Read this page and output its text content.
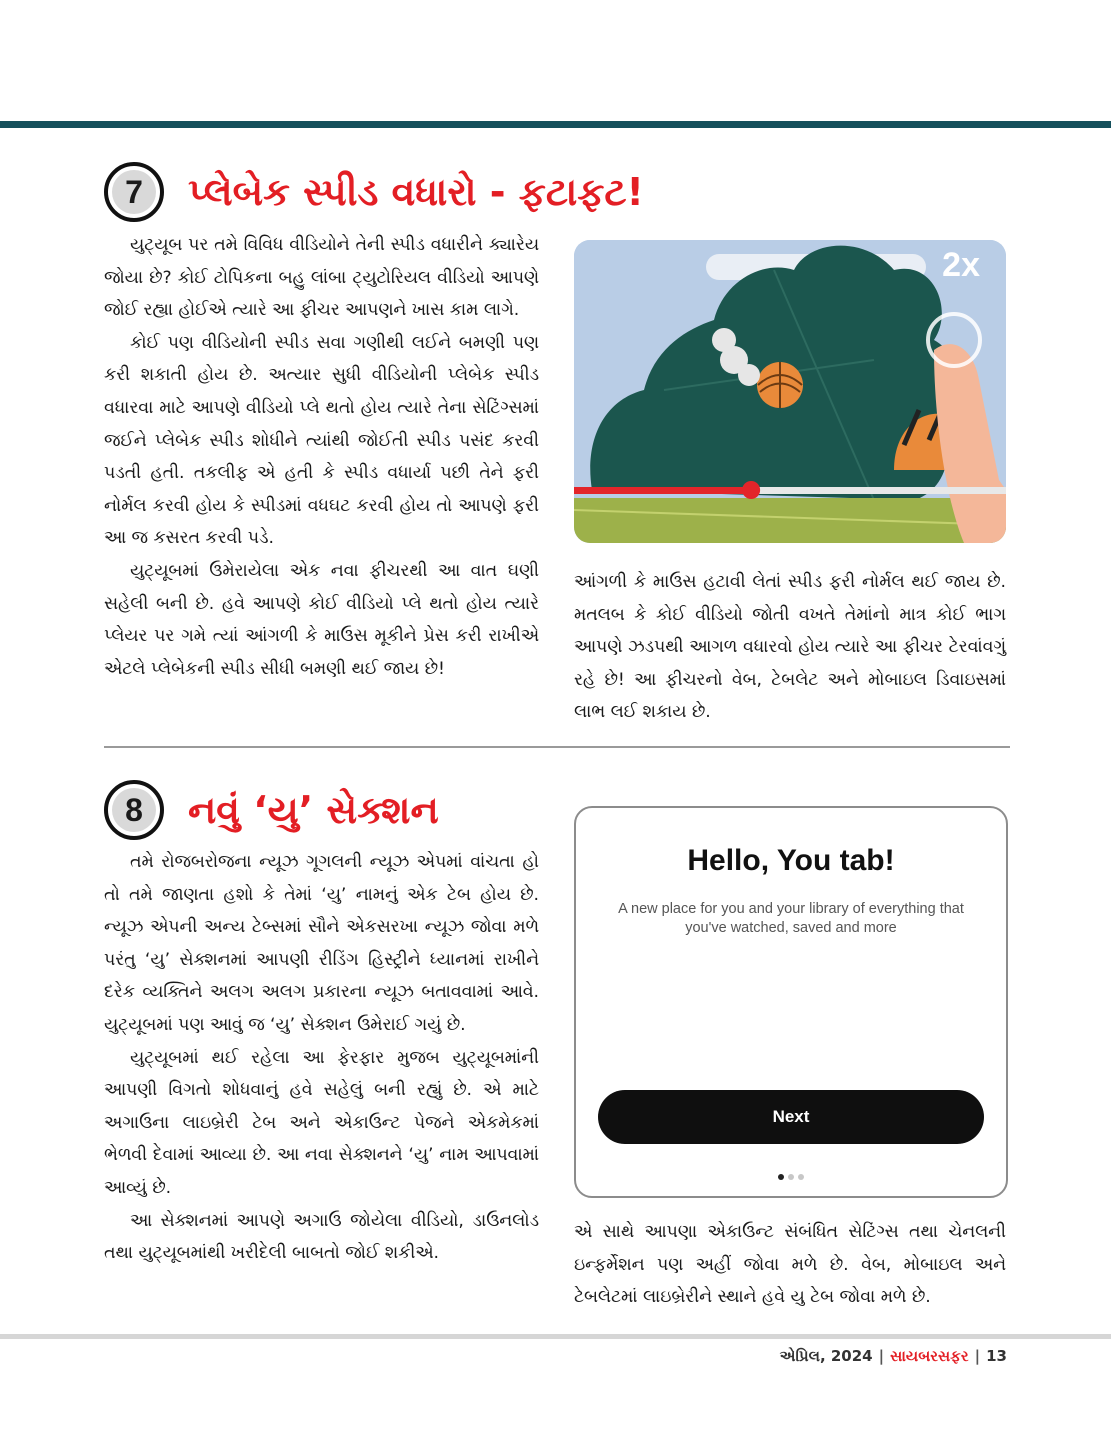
7 પ્લેબેક સ્પીડ વધારો - ફટાફટ!

યુટ્યૂબ પર તમે વિવિધ વીડિયોને તેની સ્પીડ વધારીને ક્યારેય જોયા છે? કોઈ ટોપિકના બહુ લાંબા ટ્યુટોરિયલ વીડિયો આપણે જોઈ રહ્યા હોઈએ ત્યારે આ ફીચર આપણને ખાસ કામ લાગે.

કોઈ પણ વીડિયોની સ્પીડ સવા ગણીથી લઈને બમણી પણ કરી શકાતી હોય છે. અત્યાર સુધી વીડિયોની પ્લેબેક સ્પીડ વધારવા માટે આપણે વીડિયો પ્લે થતો હોય ત્યારે તેના સેટિંગ્સમાં જઈને પ્લેબેક સ્પીડ શોધીને ત્યાંથી જોઈતી સ્પીડ પસંદ કરવી પડતી હતી. તકલીફ એ હતી કે સ્પીડ વધાર્યા પછી તેને ફરી નોર્મલ કરવી હોય કે સ્પીડમાં વધઘટ કરવી હોય તો આપણે ફરી આ જ કસરત કરવી પડે.

યુટ્યૂબમાં ઉમેરાયેલા એક નવા ફીચરથી આ વાત ઘણી સહેલી બની છે. હવે આપણે કોઈ વીડિયો પ્લે થતો હોય ત્યારે પ્લેયર પર ગમે ત્યાં આંગળી કે માઉસ મૂકીને પ્રેસ કરી રાખીએ એટલે પ્લેબેકની સ્પીડ સીધી બમણી થઈ જાય છે!

2x

આંગળી કે માઉસ હટાવી લેતાં સ્પીડ ફરી નોર્મલ થઈ જાય છે. મતલબ કે કોઈ વીડિયો જોતી વખતે તેમાંનો માત્ર કોઈ ભાગ આપણે ઝડપથી આગળ વધારવો હોય ત્યારે આ ફીચર ટેરવાંવગું રહે છે! આ ફીચરનો વેબ, ટેબલેટ અને મોબાઇલ ડિવાઇસમાં લાભ લઈ શકાય છે.

8 નવું ‘યુ’ સેક્શન

તમે રોજબરોજના ન્યૂઝ ગૂગલની ન્યૂઝ એપમાં વાંચતા હો તો તમે જાણતા હશો કે તેમાં ‘યુ’ નામનું એક ટેબ હોય છે. ન્યૂઝ એપની અન્ય ટેબ્સમાં સૌને એકસરખા ન્યૂઝ જોવા મળે પરંતુ ‘યુ’ સેક્શનમાં આપણી રીડિંગ હિસ્ટ્રીને ધ્યાનમાં રાખીને દરેક વ્યક્તિને અલગ અલગ પ્રકારના ન્યૂઝ બતાવવામાં આવે. યુટ્યૂબમાં પણ આવું જ ‘યુ’ સેક્શન ઉમેરાઈ ગયું છે.

યુટ્યૂબમાં થઈ રહેલા આ ફેરફાર મુજબ યુટ્યૂબમાંની આપણી વિગતો શોધવાનું હવે સહેલું બની રહ્યું છે. એ માટે અગાઉના લાઇબ્રેરી ટેબ અને એકાઉન્ટ પેજને એકમેકમાં ભેળવી દેવામાં આવ્યા છે. આ નવા સેક્શનને ‘યુ’ નામ આપવામાં આવ્યું છે.

આ સેક્શનમાં આપણે અગાઉ જોયેલા વીડિયો, ડાઉનલોડ તથા યુટ્યૂબમાંથી ખરીદેલી બાબતો જોઈ શકીએ.

Hello, You tab!
A new place for you and your library of everything that you've watched, saved and more
Next

એ સાથે આપણા એકાઉન્ટ સંબંધિત સેટિંગ્સ તથા ચેનલની ઇન્ફર્મેશન પણ અહીં જોવા મળે છે. વેબ, મોબાઇલ અને ટેબલેટમાં લાઇબ્રેરીને સ્થાને હવે યુ ટેબ જોવા મળે છે.

એપ્રિલ, 2024 | સાયબરસફર | 13
